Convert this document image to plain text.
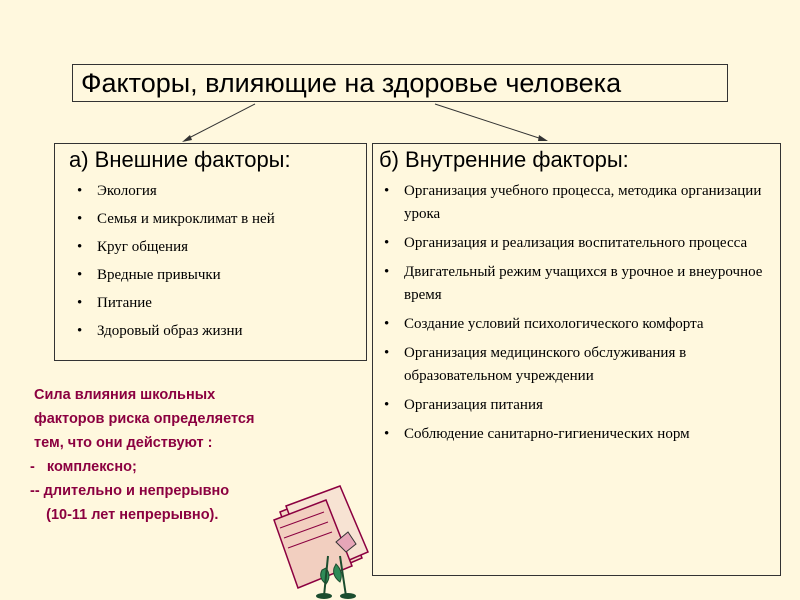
Факторы, влияющие на здоровье человека
а) Внешние факторы:
• Экология
• Семья и микроклимат в ней
• Круг общения
• Вредные привычки
• Питание
• Здоровый образ жизни
б) Внутренние факторы:
• Организация учебного процесса, методика организации урока
• Организация и реализация воспитательного процесса
• Двигательный режим учащихся в урочное и внеурочное время
• Создание условий психологического комфорта
• Организация медицинского обслуживания в образовательном учреждении
• Организация питания
• Соблюдение санитарно-гигиенических норм
Сила влияния школьных
факторов риска определяется
тем, что они действуют :
-   комплексно;
-- длительно и непрерывно
(10-11 лет непрерывно).
